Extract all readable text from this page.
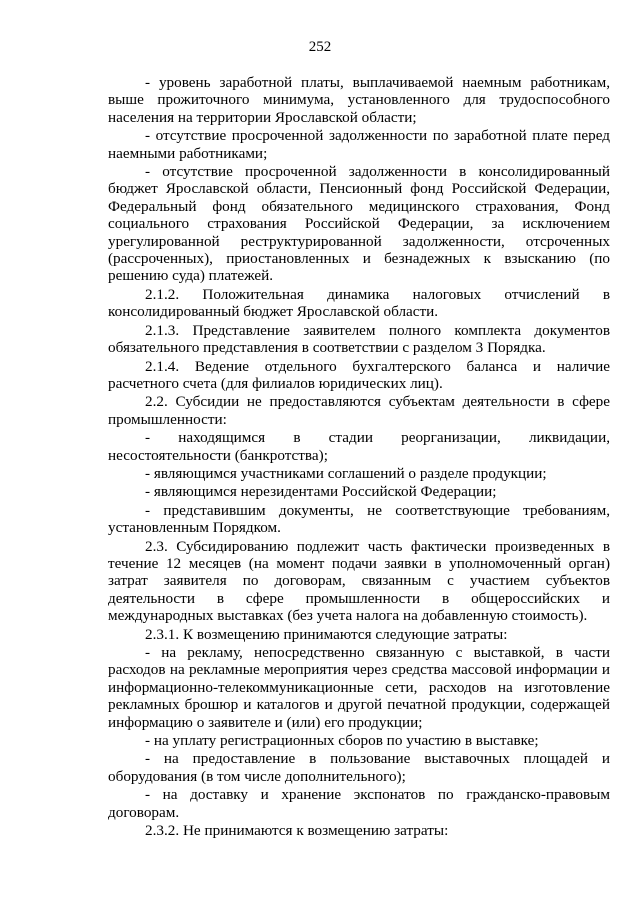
252

- уровень заработной платы, выплачиваемой наемным работникам, выше прожиточного минимума, установленного для трудоспособного населения на территории Ярославской области;

- отсутствие просроченной задолженности по заработной плате перед наемными работниками;

- отсутствие просроченной задолженности в консолидированный бюджет Ярославской области, Пенсионный фонд Российской Федерации, Федеральный фонд обязательного медицинского страхования, Фонд социального страхования Российской Федерации, за исключением урегулированной реструктурированной задолженности, отсроченных (рассроченных), приостановленных и безнадежных к взысканию (по решению суда) платежей.

2.1.2. Положительная динамика налоговых отчислений в консолидированный бюджет Ярославской области.

2.1.3. Представление заявителем полного комплекта документов обязательного представления в соответствии с разделом 3 Порядка.

2.1.4. Ведение отдельного бухгалтерского баланса и наличие расчетного счета (для филиалов юридических лиц).

2.2. Субсидии не предоставляются субъектам деятельности в сфере промышленности:

- находящимся в стадии реорганизации, ликвидации, несостоятельности (банкротства);

- являющимся участниками соглашений о разделе продукции;

- являющимся нерезидентами Российской Федерации;

- представившим документы, не соответствующие требованиям, установленным Порядком.

2.3. Субсидированию подлежит часть фактически произведенных в течение 12 месяцев (на момент подачи заявки в уполномоченный орган) затрат заявителя по договорам, связанным с участием субъектов деятельности в сфере промышленности в общероссийских и международных выставках (без учета налога на добавленную стоимость).

2.3.1. К возмещению принимаются следующие затраты:

- на рекламу, непосредственно связанную с выставкой, в части расходов на рекламные мероприятия через средства массовой информации и информационно-телекоммуникационные сети, расходов на изготовление рекламных брошюр и каталогов и другой печатной продукции, содержащей информацию о заявителе и (или) его продукции;

- на уплату регистрационных сборов по участию в выставке;

- на предоставление в пользование выставочных площадей и оборудования (в том числе дополнительного);

- на доставку и хранение экспонатов по гражданско-правовым договорам.

2.3.2. Не принимаются к возмещению затраты:
